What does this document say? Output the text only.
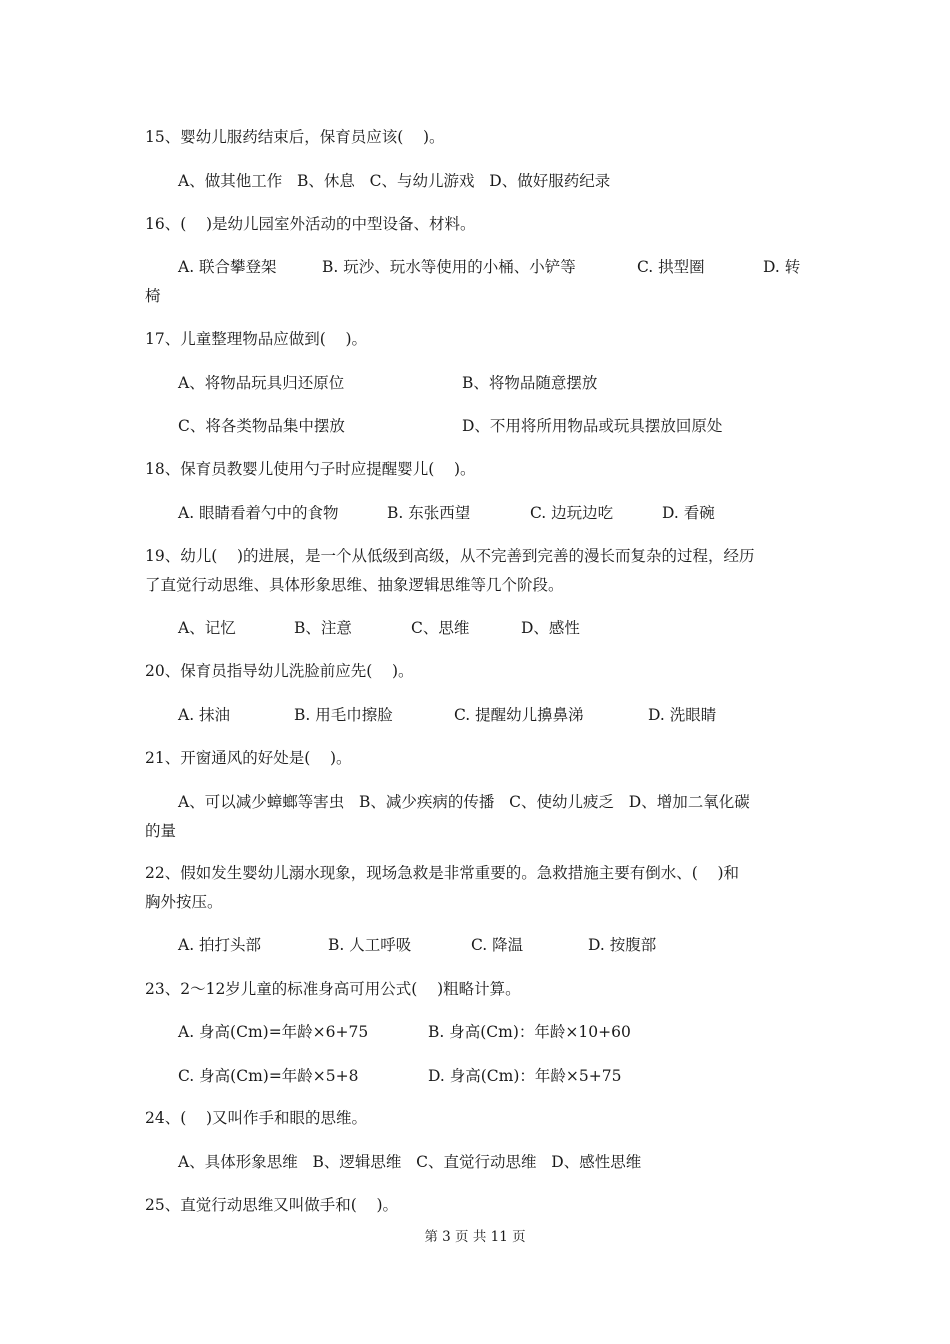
15、婴幼儿服药结束后，保育员应该(    )。
A、做其他工作   B、休息   C、与幼儿游戏   D、做好服药纪录
16、(    )是幼儿园室外活动的中型设备、材料。
A. 联合攀登架	B. 玩沙、玩水等使用的小桶、小铲等	C. 拱型圈	D. 转
椅
17、儿童整理物品应做到(    )。
A、将物品玩具归还原位	B、将物品随意摆放
C、将各类物品集中摆放	D、不用将所用物品或玩具摆放回原处
18、保育员教婴儿使用勺子时应提醒婴儿(    )。
A. 眼睛看着勺中的食物	B. 东张西望	C. 边玩边吃	D. 看碗
19、幼儿(    )的进展，是一个从低级到高级，从不完善到完善的漫长而复杂的过程，经历
了直觉行动思维、具体形象思维、抽象逻辑思维等几个阶段。
A、记忆	B、注意	C、思维	D、感性
20、保育员指导幼儿洗脸前应先(    )。
A. 抹油	B. 用毛巾擦脸	C. 提醒幼儿擤鼻涕	D. 洗眼睛
21、开窗通风的好处是(    )。
A、可以减少蟑螂等害虫   B、减少疾病的传播   C、使幼儿疲乏   D、增加二氧化碳
的量
22、假如发生婴幼儿溺水现象，现场急救是非常重要的。急救措施主要有倒水、(    )和
胸外按压。
A. 拍打头部	B. 人工呼吸	C. 降温	D. 按腹部
23、2～12岁儿童的标准身高可用公式(    )粗略计算。
A. 身高(Cm)=年龄×6+75	B. 身高(Cm)：年龄×10+60
C. 身高(Cm)=年龄×5+8	D. 身高(Cm)：年龄×5+75
24、(    )又叫作手和眼的思维。
A、具体形象思维   B、逻辑思维   C、直觉行动思维   D、感性思维
25、直觉行动思维又叫做手和(    )。
第 3 页 共 11 页
